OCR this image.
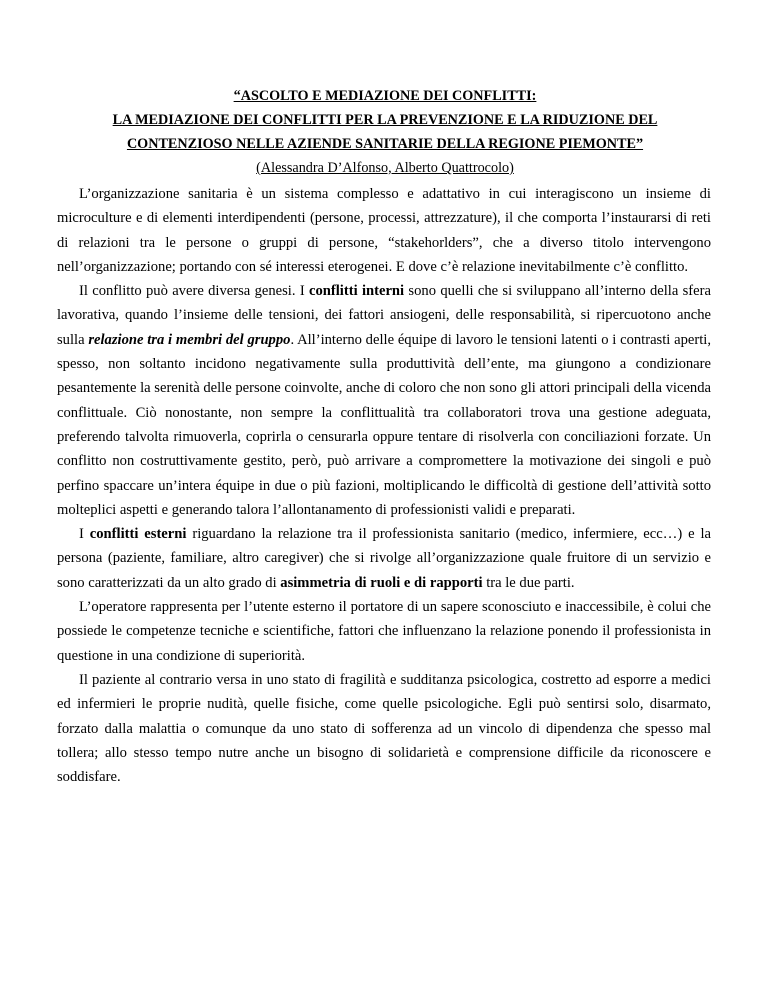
“ASCOLTO E MEDIAZIONE DEI CONFLITTI:
LA MEDIAZIONE DEI CONFLITTI PER LA PREVENZIONE E LA RIDUZIONE DEL
CONTENZIOSO NELLE AZIENDE SANITARIE DELLA REGIONE PIEMONTE”
(Alessandra D’Alfonso, Alberto Quattrocolo)

L’organizzazione sanitaria è un sistema complesso e adattativo in cui interagiscono un insieme di microculture e di elementi interdipendenti (persone, processi, attrezzature), il che comporta l’instaurarsi di reti di relazioni tra le persone o gruppi di persone, “stakehorlders”, che a diverso titolo intervengono nell’organizzazione; portando con sé interessi eterogenei. E dove c’è relazione inevitabilmente c’è conflitto.

Il conflitto può avere diversa genesi. I conflitti interni sono quelli che si sviluppano all’interno della sfera lavorativa, quando l’insieme delle tensioni, dei fattori ansiogeni, delle responsabilità, si ripercuotono anche sulla relazione tra i membri del gruppo. All’interno delle équipe di lavoro le tensioni latenti o i contrasti aperti, spesso, non soltanto incidono negativamente sulla produttività dell’ente, ma giungono a condizionare pesantemente la serenità delle persone coinvolte, anche di coloro che non sono gli attori principali della vicenda conflittuale. Ciò nonostante, non sempre la conflittualità tra collaboratori trova una gestione adeguata, preferendo talvolta rimuoverla, coprirla o censurarla oppure tentare di risolverla con conciliazioni forzate. Un conflitto non costruttivamente gestito, però, può arrivare a compromettere la motivazione dei singoli e può perfino spaccare un’intera équipe in due o più fazioni, moltiplicando le difficoltà di gestione dell’attività sotto molteplici aspetti e generando talora l’allontanamento di professionisti validi e preparati.

I conflitti esterni riguardano la relazione tra il professionista sanitario (medico, infermiere, ecc…) e la persona (paziente, familiare, altro caregiver) che si rivolge all’organizzazione quale fruitore di un servizio e sono caratterizzati da un alto grado di asimmetria di ruoli e di rapporti tra le due parti.

L’operatore rappresenta per l’utente esterno il portatore di un sapere sconosciuto e inaccessibile, è colui che possiede le competenze tecniche e scientifiche, fattori che influenzano la relazione ponendo il professionista in questione in una condizione di superiorità.

Il paziente al contrario versa in uno stato di fragilità e sudditanza psicologica, costretto ad esporre a medici ed infermieri le proprie nudità, quelle fisiche, come quelle psicologiche. Egli può sentirsi solo, disarmato, forzato dalla malattia o comunque da uno stato di sofferenza ad un vincolo di dipendenza che spesso mal tollera; allo stesso tempo nutre anche un bisogno di solidarietà e comprensione difficile da riconoscere e soddisfare.
